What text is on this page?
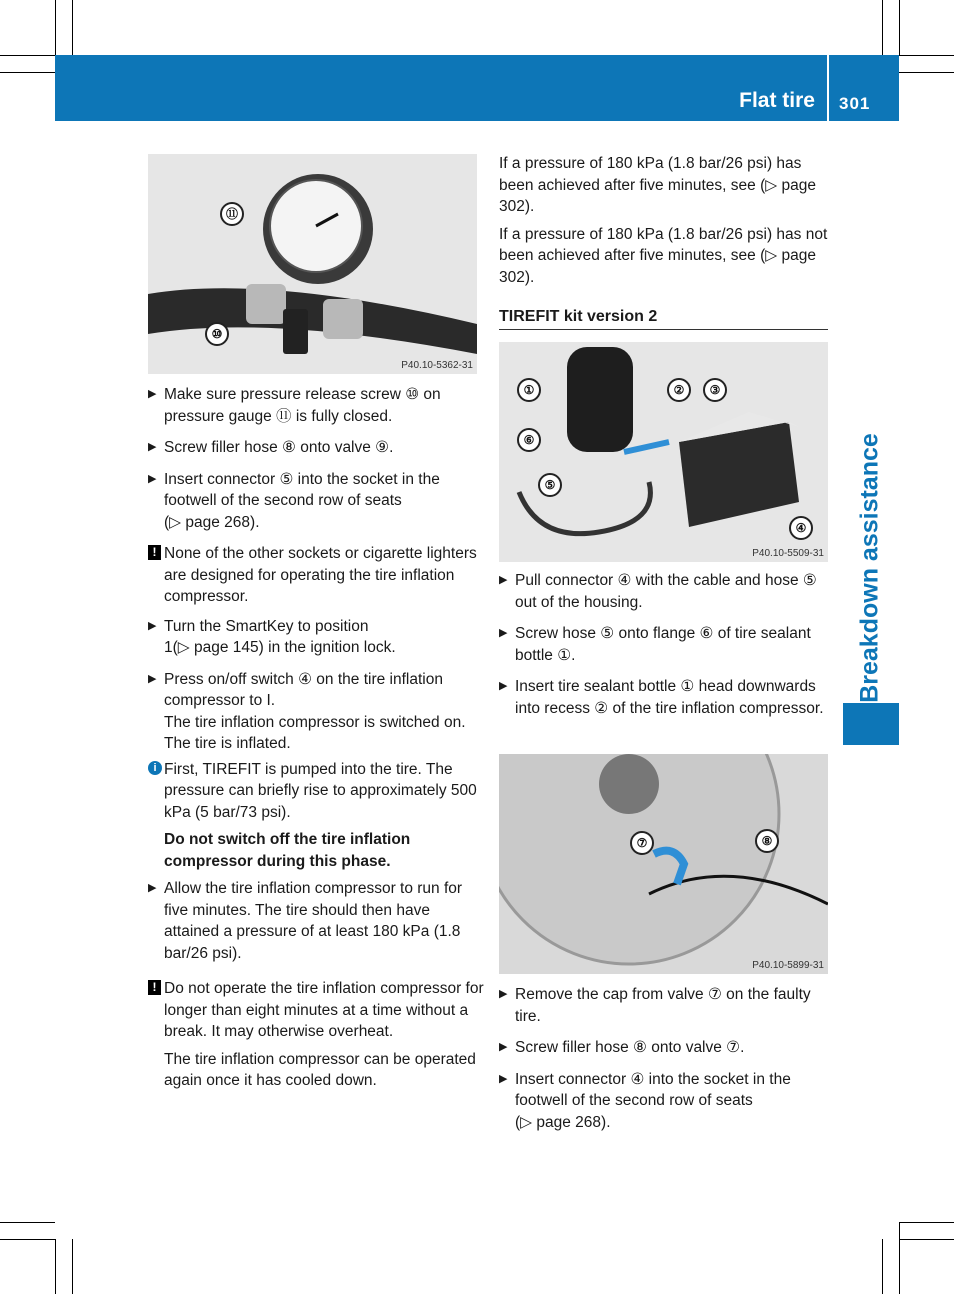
Flat tire 301
Breakdown assistance
⑪
⑩
P40.10-5362-31
▶ Make sure pressure release screw ⑩ on pressure gauge ⑪ is fully closed.
▶ Screw filler hose ⑧ onto valve ⑨.
▶ Insert connector ⑤ into the socket in the footwell of the second row of seats
(▷ page 268).
! None of the other sockets or cigarette lighters are designed for operating the tire inflation compressor.
▶ Turn the SmartKey to position
1(▷ page 145) in the ignition lock.
▶ Press on/off switch ④ on the tire inflation compressor to I.
The tire inflation compressor is switched on. The tire is inflated.
i First, TIREFIT is pumped into the tire. The pressure can briefly rise to approximately 500 kPa (5 bar/73 psi).

Do not switch off the tire inflation compressor during this phase.

▶ Allow the tire inflation compressor to run for five minutes. The tire should then have attained a pressure of at least 180 kPa (1.8 bar/26 psi).
! Do not operate the tire inflation compressor for longer than eight minutes at a time without a break. It may otherwise overheat.

The tire inflation compressor can be operated again once it has cooled down.

If a pressure of 180 kPa (1.8 bar/26 psi) has been achieved after five minutes, see (▷ page 302).

If a pressure of 180 kPa (1.8 bar/26 psi) has not been achieved after five minutes, see (▷ page 302).

TIREFIT kit version 2
①	②	③
⑥
⑤
④
P40.10-5509-31
▶ Pull connector ④ with the cable and hose ⑤ out of the housing.
▶ Screw hose ⑤ onto flange ⑥ of tire sealant bottle ①.
▶ Insert tire sealant bottle ① head downwards into recess ② of the tire inflation compressor.
⑦	⑧
P40.10-5899-31
▶ Remove the cap from valve ⑦ on the faulty tire.
▶ Screw filler hose ⑧ onto valve ⑦.
▶ Insert connector ④ into the socket in the footwell of the second row of seats
(▷ page 268).
